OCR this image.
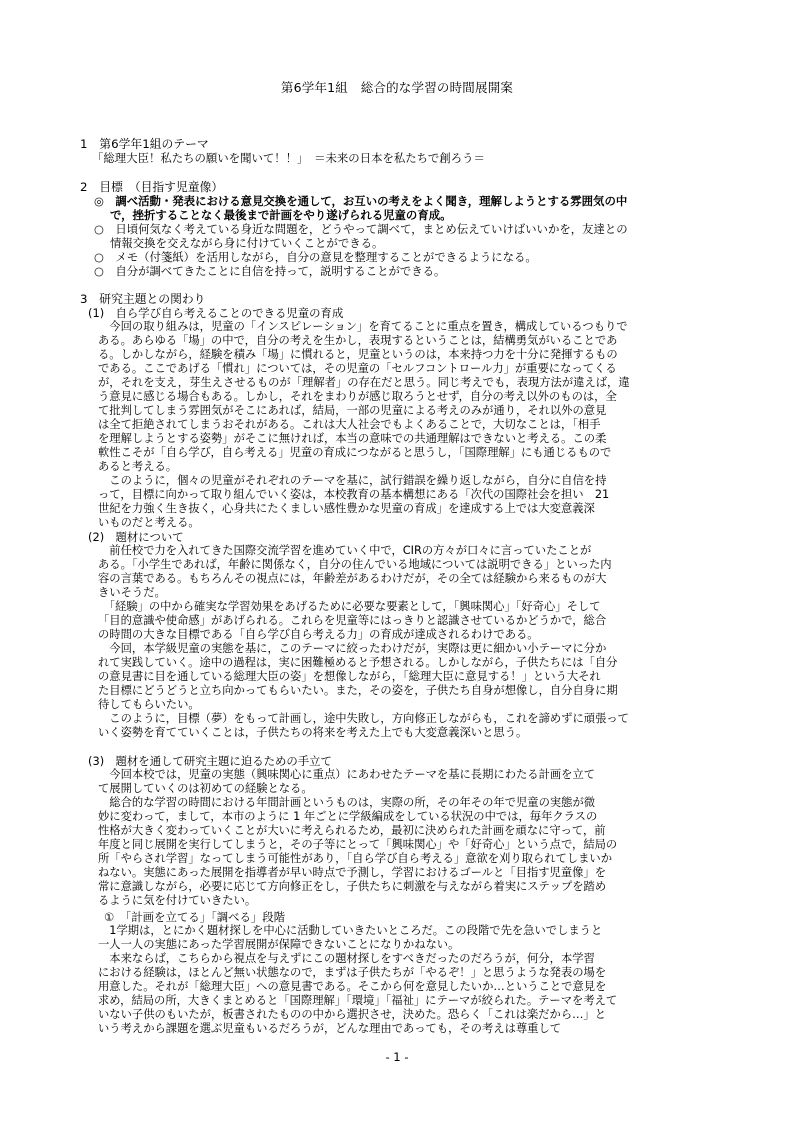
第6学年1組　総合的な学習の時間展開案
1　第6学年1組のテーマ
「総理大臣！私たちの願いを聞いて！！」　＝未来の日本を私たちで創ろう＝
2　目標　（目指す児童像）
◎　調べ活動・発表における意見交換を通して，お互いの考えをよく聞き，理解しようとする雰囲気の中
で，挫折することなく最後まで計画をやり遂げられる児童の育成。
○　日頃何気なく考えている身近な問題を，どうやって調べて，まとめ伝えていけばいいかを，友達との
情報交換を交えながら身に付けていくことができる。
○　メモ（付箋紙）を活用しながら，自分の意見を整理することができるようになる。
○　自分が調べてきたことに自信を持って，説明することができる。
3　研究主題との関わり
(1)　自ら学び自ら考えることのできる児童の育成
　今回の取り組みは，児童の「インスピレーション」を育てることに重点を置き，構成しているつもりで
ある。あらゆる「場」の中で，自分の考えを生かし，表現するということは，結構勇気がいることであ
る。しかしながら，経験を積み「場」に慣れると，児童というのは，本来持つ力を十分に発揮するもの
である。ここであげる「慣れ」については，その児童の「セルフコントロール力」が重要になってくる
が，それを支え，芽生えさせるものが「理解者」の存在だと思う。同じ考えでも，表現方法が違えば，違
う意見に感じる場合もある。しかし，それをまわりが感じ取ろうとせず，自分の考え以外のものは，全
て批判してしまう雰囲気がそこにあれば，結局，一部の児童による考えのみが通り，それ以外の意見
は全て拒絶されてしまうおそれがある。これは大人社会でもよくあることで，大切なことは，「相手
を理解しようとする姿勢」がそこに無ければ，本当の意味での共通理解はできないと考える。この柔
軟性こそが「自ら学び，自ら考える」児童の育成につながると思うし，「国際理解」にも通じるもので
あると考える。
　このように，個々の児童がそれぞれのテーマを基に，試行錯誤を繰り返しながら，自分に自信を持
って，目標に向かって取り組んでいく姿は，本校教育の基本構想にある「次代の国際社会を担い　21
世紀を力強く生き抜く，心身共にたくましい感性豊かな児童の育成」を達成する上では大変意義深
いものだと考える。
(2)　題材について
　前任校で力を入れてきた国際交流学習を進めていく中で，CIRの方々が口々に言っていたことが
ある。「小学生であれば，年齢に関係なく，自分の住んでいる地域については説明できる」といった内
容の言葉である。もちろんその視点には，年齢差があるわけだが，その全ては経験から来るものが大
きいそうだ。
　「経験」の中から確実な学習効果をあげるために必要な要素として，「興味関心」「好奇心」そして
「目的意識や使命感」があげられる。これらを児童等にはっきりと認識させているかどうかで，総合
の時間の大きな目標である「自ら学び自ら考える力」の育成が達成されるわけである。
　今回，本学級児童の実態を基に，このテーマに絞ったわけだが，実際は更に細かい小テーマに分か
れて実践していく。途中の過程は，実に困難極めると予想される。しかしながら，子供たちには「自分
の意見書に目を通している総理大臣の姿」を想像しながら，「総理大臣に意見する！」という大それ
た目標にどうどうと立ち向かってもらいたい。また，その姿を，子供たち自身が想像し，自分自身に期
待してもらいたい。
　このように，目標（夢）をもって計画し，途中失敗し，方向修正しながらも，これを諦めずに頑張って
いく姿勢を育てていくことは，子供たちの将来を考えた上でも大変意義深いと思う。
(3)　題材を通して研究主題に迫るための手立て
　今回本校では，児童の実態（興味関心に重点）にあわせたテーマを基に長期にわたる計画を立て
て展開していくのは初めての経験となる。
　総合的な学習の時間における年間計画というものは，実際の所，その年その年で児童の実態が微
妙に変わって，まして，本市のように 1 年ごとに学級編成をしている状況の中では，毎年クラスの
性格が大きく変わっていくことが大いに考えられるため，最初に決められた計画を頑なに守って，前
年度と同じ展開を実行してしまうと，その子等にとって「興味関心」や「好奇心」という点で，結局の
所「やらされ学習」なってしまう可能性があり，「自ら学び自ら考える」意欲を刈り取られてしまいか
ねない。実態にあった展開を指導者が早い時点で予測し，学習におけるゴールと「目指す児童像」を
常に意識しながら，必要に応じて方向修正をし，子供たちに刺激を与えながら着実にステップを踏め
るように気を付けていきたい。
①　「計画を立てる」「調べる」段階
　1学期は，とにかく題材探しを中心に活動していきたいところだ。この段階で先を急いでしまうと
一人一人の実態にあった学習展開が保障できないことになりかねない。
　本来ならば，こちらから視点を与えずにこの題材探しをすべきだったのだろうが，何分，本学習
における経験は，ほとんど無い状態なので，まずは子供たちが「やるぞ！」と思うような発表の場を
用意した。それが「総理大臣」への意見書である。そこから何を意見したいか…ということで意見を
求め，結局の所，大きくまとめると「国際理解」「環境」「福祉」にテーマが絞られた。テーマを考えて
いない子供のもいたが，板書されたものの中から選択させ，決めた。恐らく「これは楽だから…」と
いう考えから課題を選ぶ児童もいるだろうが，どんな理由であっても，その考えは尊重して
- 1 -
